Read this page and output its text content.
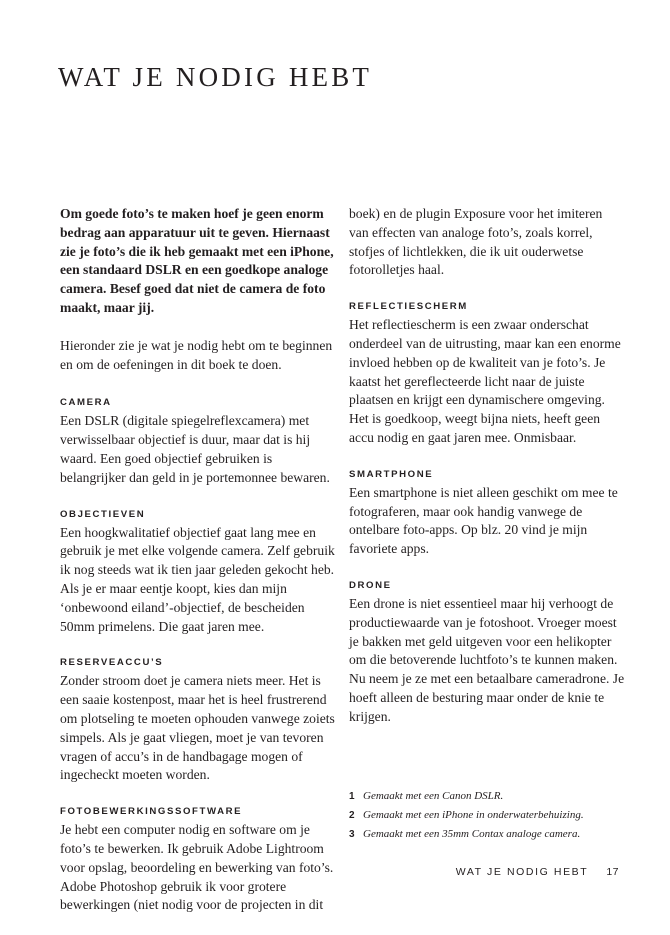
WAT JE NODIG HEBT

Om goede foto’s te maken hoef je geen enorm bedrag aan apparatuur uit te geven. Hiernaast zie je foto’s die ik heb gemaakt met een iPhone, een standaard DSLR en een goedkope analoge camera. Besef goed dat niet de camera de foto maakt, maar jij.

Hieronder zie je wat je nodig hebt om te beginnen en om de oefeningen in dit boek te doen.

CAMERA

Een DSLR (digitale spiegelreflexcamera) met verwisselbaar objectief is duur, maar dat is hij waard. Een goed objectief gebruiken is belangrijker dan geld in je portemonnee bewaren.

OBJECTIEVEN

Een hoogkwalitatief objectief gaat lang mee en gebruik je met elke volgende camera. Zelf gebruik ik nog steeds wat ik tien jaar geleden gekocht heb. Als je er maar eentje koopt, kies dan mijn ‘onbewoond eiland’-objectief, de bescheiden 50mm primelens. Die gaat jaren mee.

RESERVEACCU’S

Zonder stroom doet je camera niets meer. Het is een saaie kostenpost, maar het is heel frustrerend om plotseling te moeten ophouden vanwege zoiets simpels. Als je gaat vliegen, moet je van tevoren vragen of accu’s in de handbagage mogen of ingecheckt moeten worden.

FOTOBEWERKINGSSOFTWARE

Je hebt een computer nodig en software om je foto’s te bewerken. Ik gebruik Adobe Lightroom voor opslag, beoordeling en bewerking van foto’s. Adobe Photoshop gebruik ik voor grotere bewerkingen (niet nodig voor de projecten in dit

boek) en de plugin Exposure voor het imiteren van effecten van analoge foto’s, zoals korrel, stofjes of lichtlekken, die ik uit ouderwetse fotorolletjes haal.

REFLECTIESCHERM

Het reflectiescherm is een zwaar onderschat onderdeel van de uitrusting, maar kan een enorme invloed hebben op de kwaliteit van je foto’s. Je kaatst het gereflecteerde licht naar de juiste plaatsen en krijgt een dynamischere omgeving. Het is goedkoop, weegt bijna niets, heeft geen accu nodig en gaat jaren mee. Onmisbaar.

SMARTPHONE

Een smartphone is niet alleen geschikt om mee te fotograferen, maar ook handig vanwege de ontelbare foto-apps. Op blz. 20 vind je mijn favoriete apps.

DRONE

Een drone is niet essentieel maar hij verhoogt de productiewaarde van je fotoshoot. Vroeger moest je bakken met geld uitgeven voor een helikopter om die betoverende luchtfoto’s te kunnen maken. Nu neem je ze met een betaalbare cameradrone. Je hoeft alleen de besturing maar onder de knie te krijgen.

1 Gemaakt met een Canon DSLR.
2 Gemaakt met een iPhone in onderwaterbehuizing.
3 Gemaakt met een 35mm Contax analoge camera.
WAT JE NODIG HEBT 17
